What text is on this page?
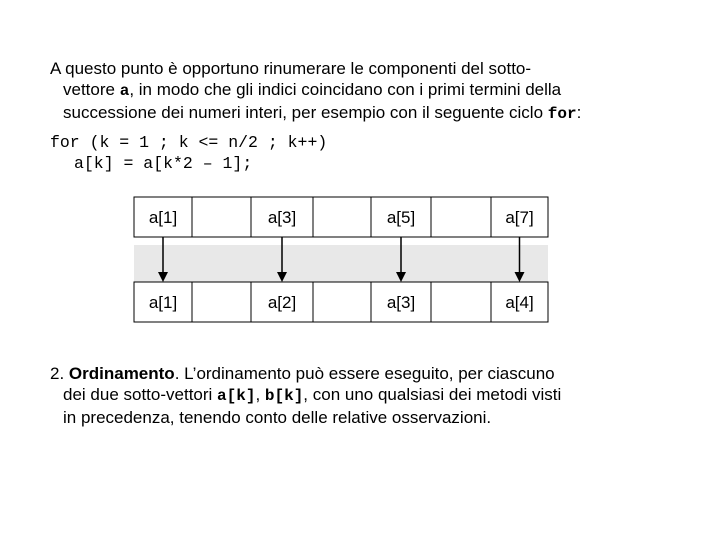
A questo punto è opportuno rinumerare le componenti del sotto-
vettore a, in modo che gli indici coincidano con i primi termini della
successione dei numeri interi, per esempio con il seguente ciclo for:
for (k = 1 ; k <= n/2 ; k++)
a[k] = a[k*2 – 1];
a[1]	a[3]	a[5]	a[7]
a[1]	a[2]	a[3]	a[4]
2. Ordinamento. L’ordinamento può essere eseguito, per ciascuno
dei due sotto-vettori a[k], b[k], con uno qualsiasi dei metodi visti
in precedenza, tenendo conto delle relative osservazioni.
